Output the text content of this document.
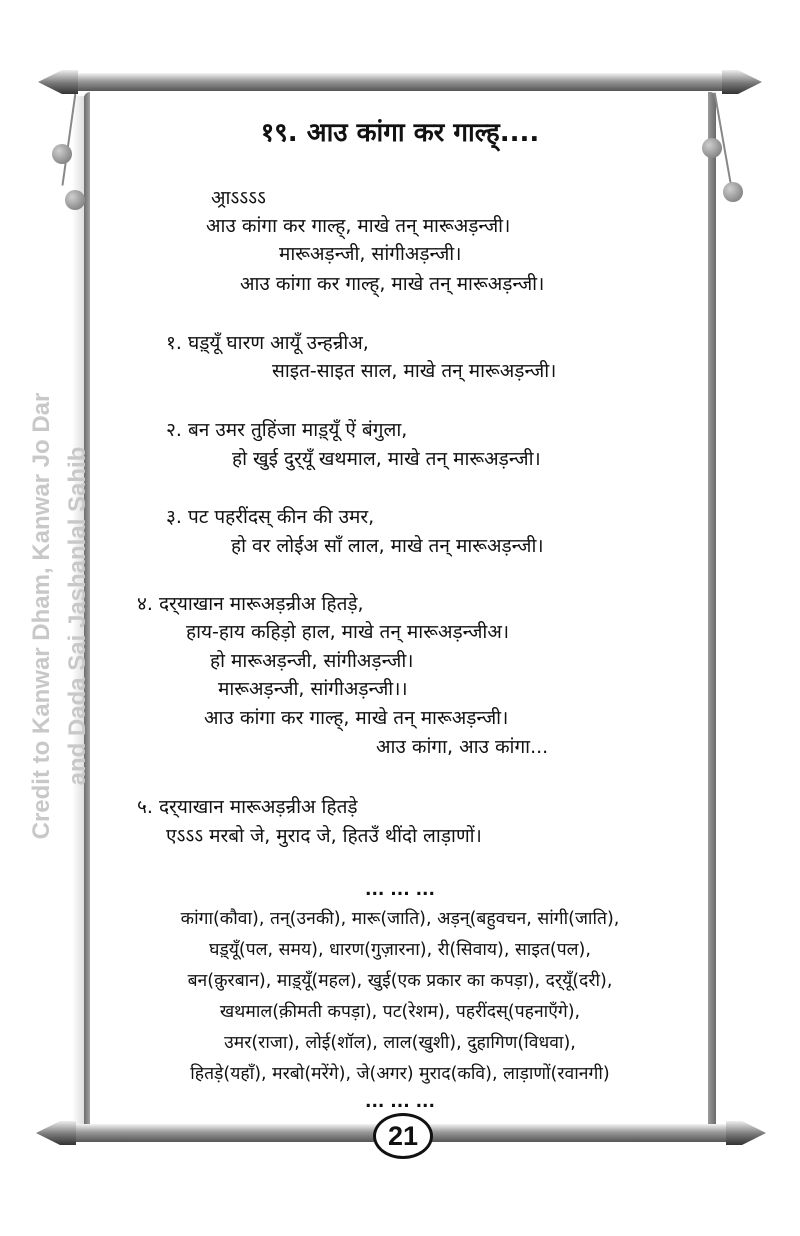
Credit to Kanwar Dham, Kanwar Jo Dar and Dada Sai Jashanlal Sahib
१९. आउ कांगा कर गाल्ह्....
अ्राऽऽऽऽ
आउ कांगा कर गाल्ह्, माखे तन् मारूअड़न्जी।
मारूअड़न्जी, सांगीअड़न्जी।
आउ कांगा कर गाल्ह्, माखे तन् मारूअड़न्जी।
१. घड़्यूँ घारण आयूँ उन्हन्रीअ,
साइत-साइत साल, माखे तन् मारूअड़न्जी।
२. बन उमर तुहिंजा माड़्यूँ ऐं बंगुला,
हो खुई दुर्‌यूँ खथमाल, माखे तन् मारूअड़न्जी।
३. पट पहरींदस् कीन की उमर,
हो वर लोईअ साँ लाल, माखे तन् मारूअड़न्जी।
४. दर्‌याखान मारूअड़न्रीअ हितड़े,
हाय-हाय कहिड़ो हाल, माखे तन् मारूअड़न्जीअ।
हो मारूअड़न्जी, सांगीअड़न्जी।
मारूअड़न्जी, सांगीअड़न्जी।।
आउ कांगा कर गाल्ह्, माखे तन् मारूअड़न्जी।
आउ कांगा, आउ कांगा...
५. दर्‌याखान मारूअड़न्रीअ हितड़े
एऽऽऽ मरबो जे, मुराद जे, हितउँ थींदो लाड़ाणों।
... ... ...
कांगा(कौवा), तन्(उनकी), मारू(जाति), अड़न्(बहुवचन, सांगी(जाति),
घड़्यूँ(पल, समय), धारण(गुज़ारना), री(सिवाय), साइत(पल),
बन(क़ुरबान), माड़्यूँ(महल), खुई(एक प्रकार का कपड़ा), दर्‌यूँ(दरी),
खथमाल(क़ीमती कपड़ा), पट(रेशम), पहरींदस्(पहनाएँगे),
उमर(राजा), लोई(शॉल), लाल(खुशी), दुहागिण(विधवा),
हितड़े(यहाँ), मरबो(मरेंगे), जे(अगर) मुराद(कवि), लाड़ाणों(रवानगी)
... ... ...
21
